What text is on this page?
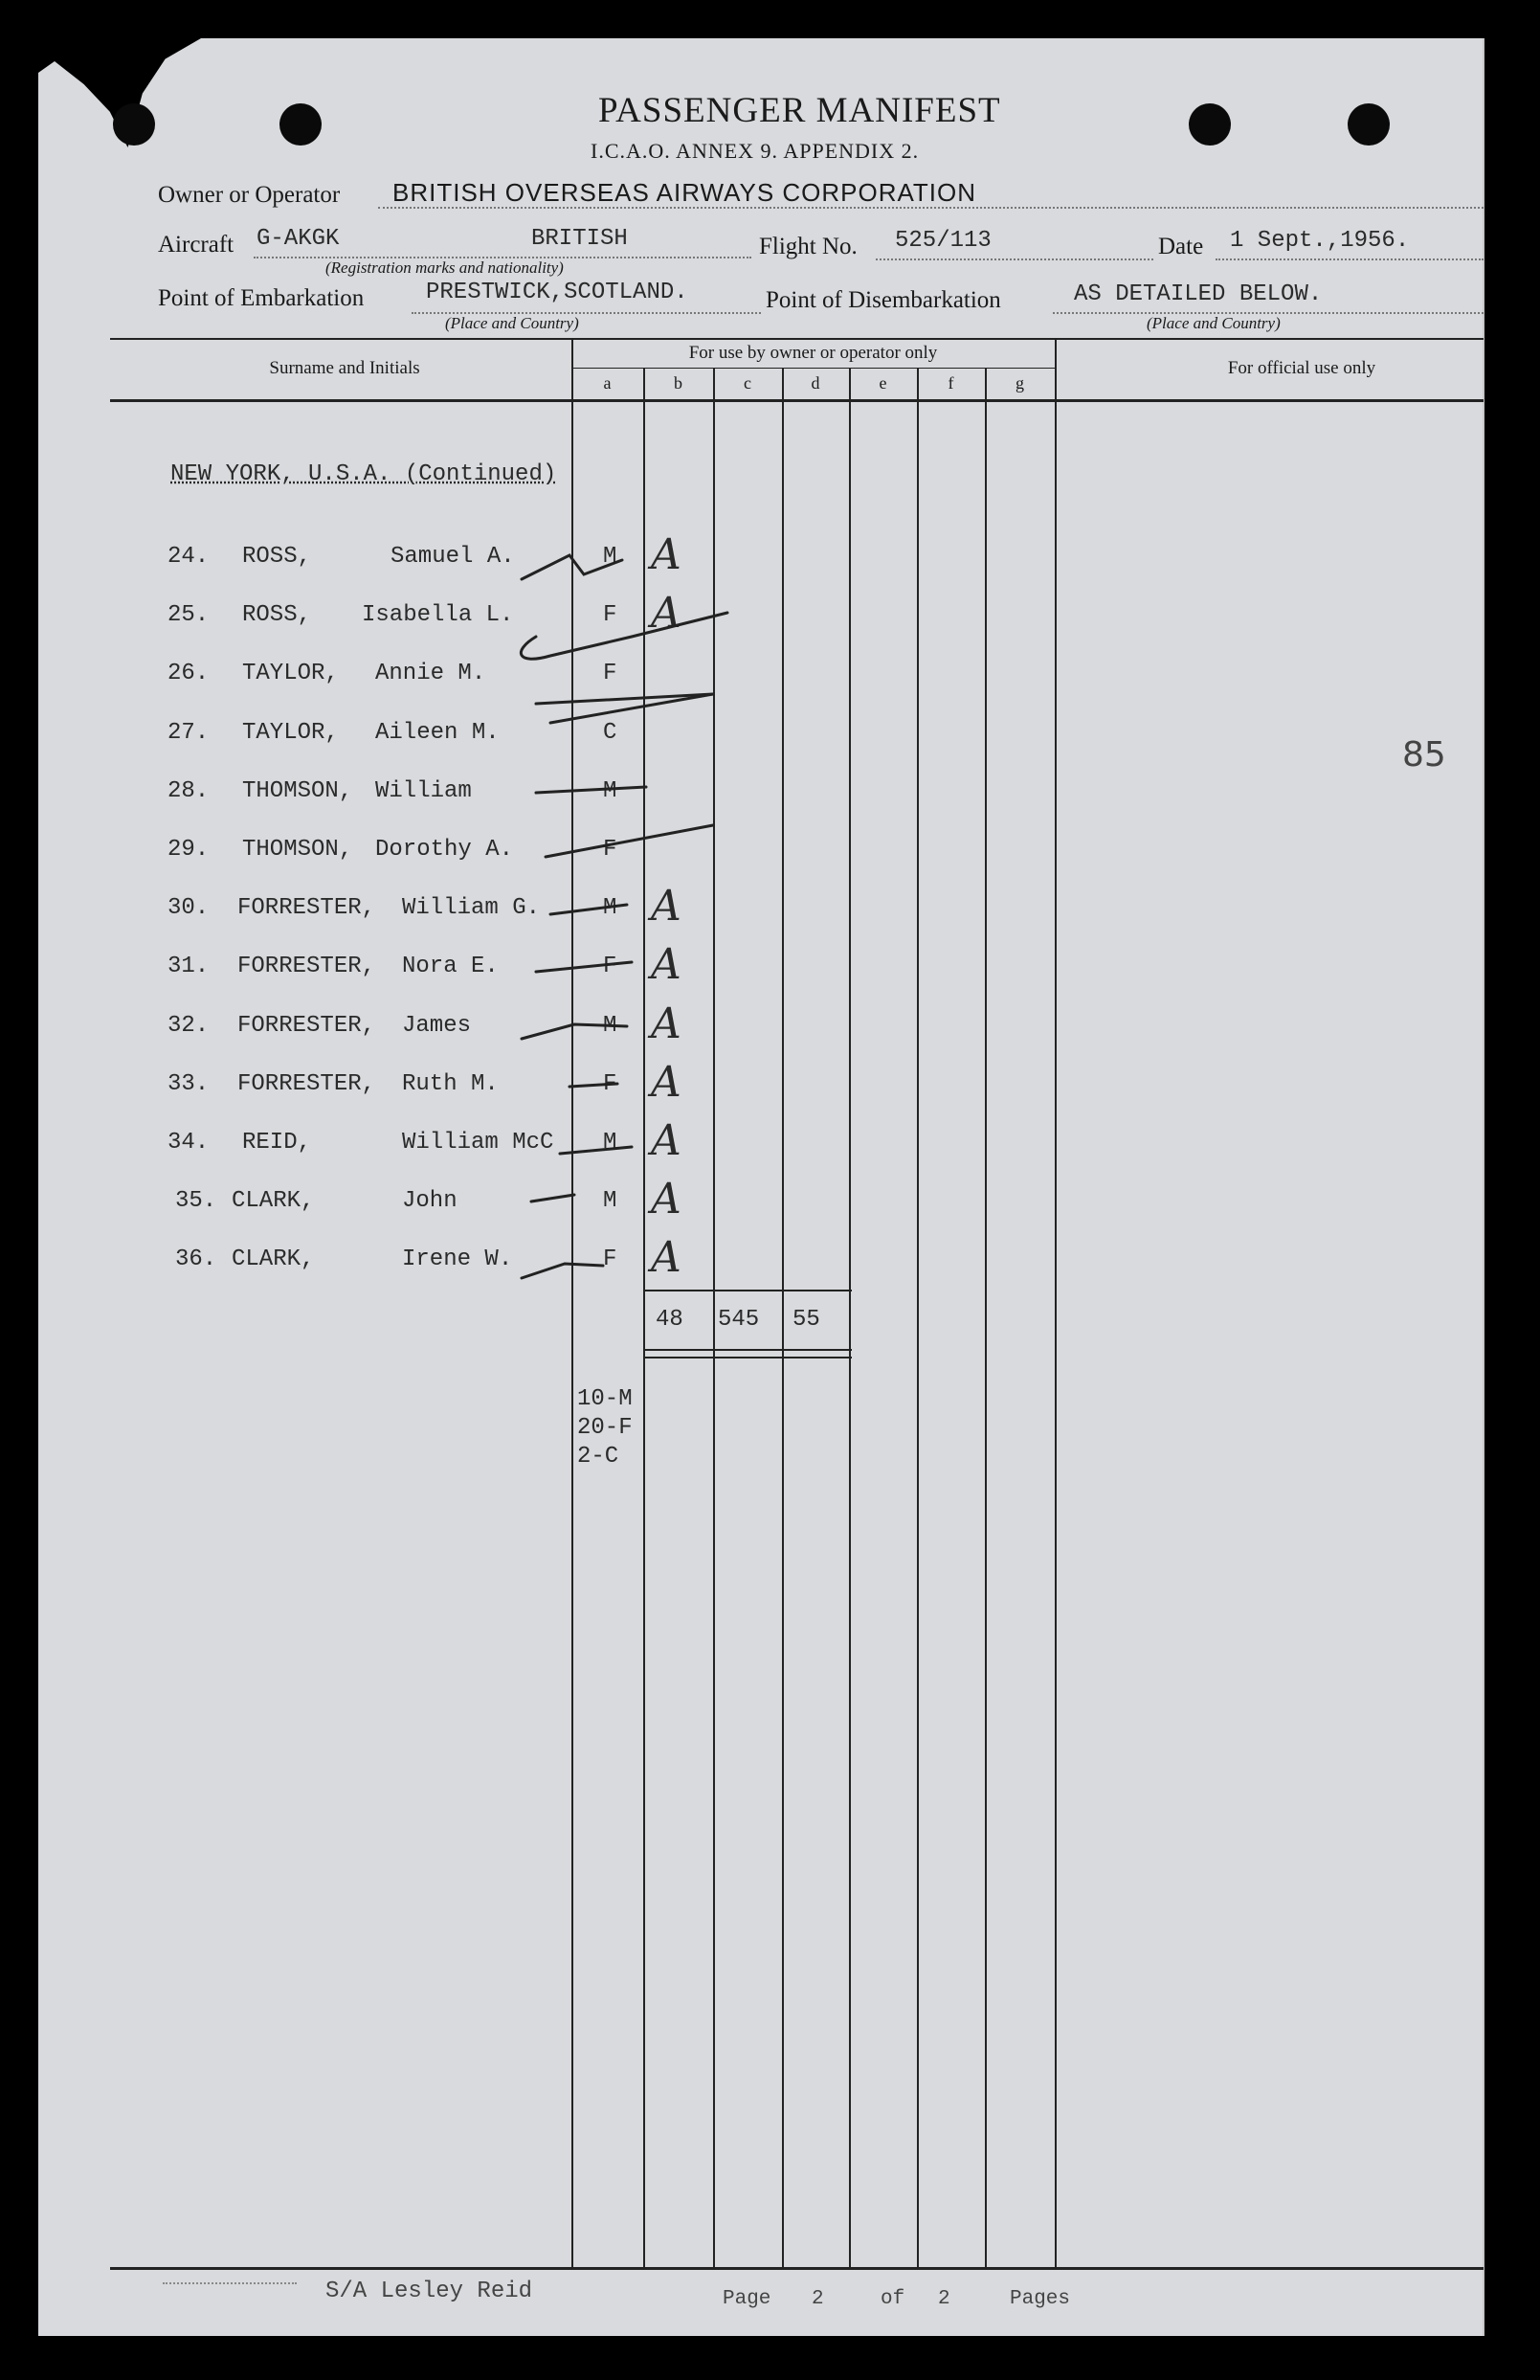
PASSENGER MANIFEST
I.C.A.O. ANNEX 9. APPENDIX 2.
Owner or Operator BRITISH OVERSEAS AIRWAYS CORPORATION
Aircraft G-AKGK	BRITISH
(Registration marks and nationality)
Flight No. 525/113	Date 1 Sept.,1956.
Point of Embarkation	PRESTWICK,SCOTLAND.
(Place and Country)
Point of Disembarkation	AS DETAILED BELOW.
(Place and Country)
Surname and Initials
For use by owner or operator only
a	b	c	d	e	f	g
For official use only
NEW YORK, U.S.A. (Continued)
24. ROSS,	Samuel A.	M A
25. ROSS, Isabella L.	F A
26. TAYLOR, Annie M.	F
27. TAYLOR, Aileen M.	C
28. THOMSON, William	M
29. THOMSON, Dorothy A.	F
30. FORRESTER, William G.	M A
31. FORRESTER, Nora E.	F A
32. FORRESTER, James	M A
33. FORRESTER, Ruth M.	F A
34. REID,	William McC M A
35. CLARK,	John	M A
36. CLARK,	Irene W.	F A
48 545 55
10-M
20-F
2-C
85
S/A Lesley Reid	Page 2	of 2	Pages
